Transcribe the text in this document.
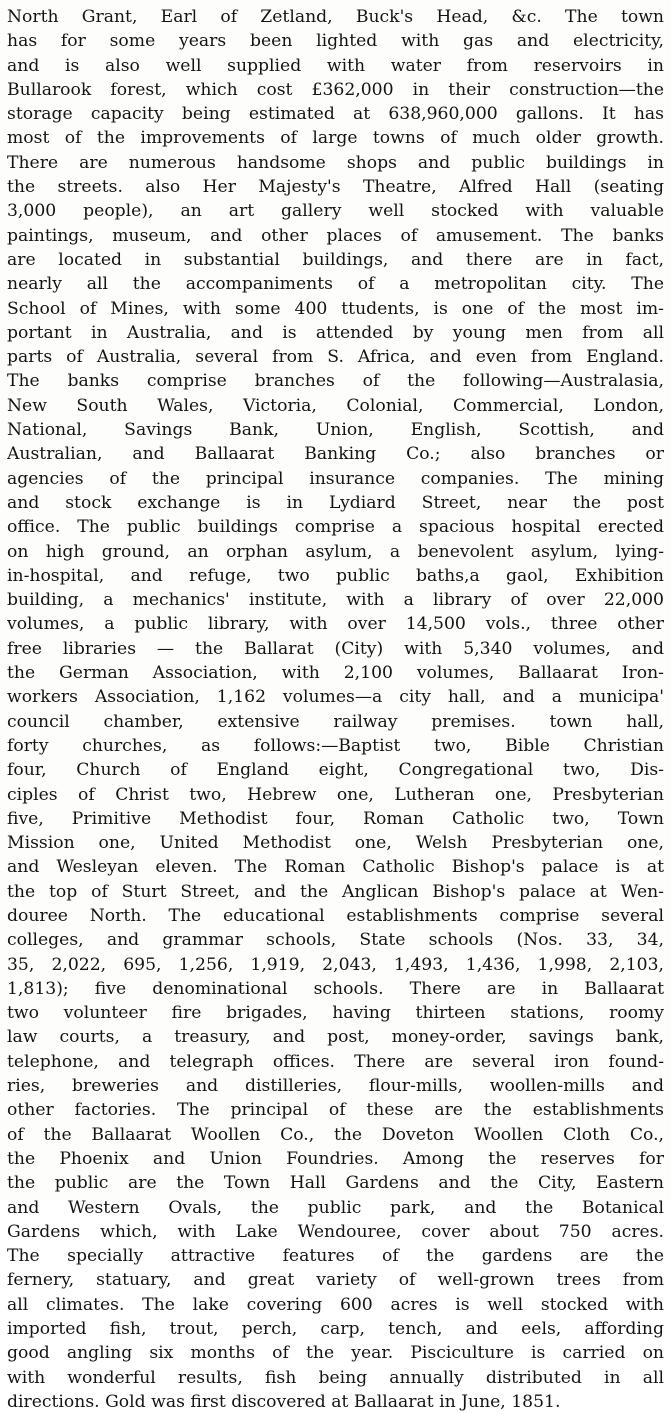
North Grant, Earl of Zetland, Buck's Head, &c. The town
has for some years been lighted with gas and electricity,
and is also well supplied with water from reservoirs in
Bullarook forest, which cost £362,000 in their construction—the
storage capacity being estimated at 638,960,000 gallons. It has
most of the improvements of large towns of much older growth.
There are numerous handsome shops and public buildings in
the streets. also Her Majesty's Theatre, Alfred Hall (seating
3,000 people), an art gallery well stocked with valuable
paintings, museum, and other places of amusement. The banks
are located in substantial buildings, and there are in fact,
nearly all the accompaniments of a metropolitan city. The
School of Mines, with some 400 ttudents, is one of the most im-
portant in Australia, and is attended by young men from all
parts of Australia, several from S. Africa, and even from England.
The banks comprise branches of the following—Australasia,
New South Wales, Victoria, Colonial, Commercial, London,
National, Savings Bank, Union, English, Scottish, and
Australian, and Ballaarat Banking Co.; also branches or
agencies of the principal insurance companies. The mining
and stock exchange is in Lydiard Street, near the post
office. The public buildings comprise a spacious hospital erected
on high ground, an orphan asylum, a benevolent asylum, lying-
in-hospital, and refuge, two public baths,a gaol, Exhibition
building, a mechanics' institute, with a library of over 22,000
volumes, a public library, with over 14,500 vols., three other
free libraries — the Ballarat (City) with 5,340 volumes, and
the German Association, with 2,100 volumes, Ballaarat Iron-
workers Association, 1,162 volumes—a city hall, and a municipa'
council chamber, extensive railway premises. town hall,
forty churches, as follows:—Baptist two, Bible Christian
four, Church of England eight, Congregational two, Dis-
ciples of Christ two, Hebrew one, Lutheran one, Presbyterian
five, Primitive Methodist four, Roman Catholic two, Town
Mission one, United Methodist one, Welsh Presbyterian one,
and Wesleyan eleven. The Roman Catholic Bishop's palace is at
the top of Sturt Street, and the Anglican Bishop's palace at Wen-
douree North. The educational establishments comprise several
colleges, and grammar schools, State schools (Nos. 33, 34,
35, 2,022, 695, 1,256, 1,919, 2,043, 1,493, 1,436, 1,998, 2,103,
1,813); five denominational schools. There are in Ballaarat
two volunteer fire brigades, having thirteen stations, roomy
law courts, a treasury, and post, money-order, savings bank,
telephone, and telegraph offices. There are several iron found-
ries, breweries and distilleries, flour-mills, woollen-mills and
other factories. The principal of these are the establishments
of the Ballaarat Woollen Co., the Doveton Woollen Cloth Co.,
the Phoenix and Union Foundries. Among the reserves for
the public are the Town Hall Gardens and the City, Eastern
and Western Ovals, the public park, and the Botanical
Gardens which, with Lake Wendouree, cover about 750 acres.
The specially attractive features of the gardens are the
fernery, statuary, and great variety of well-grown trees from
all climates. The lake covering 600 acres is well stocked with
imported fish, trout, perch, carp, tench, and eels, affording
good angling six months of the year. Pisciculture is carried on
with wonderful results, fish being annually distributed in all
directions. Gold was first discovered at Ballaarat in June, 1851.
